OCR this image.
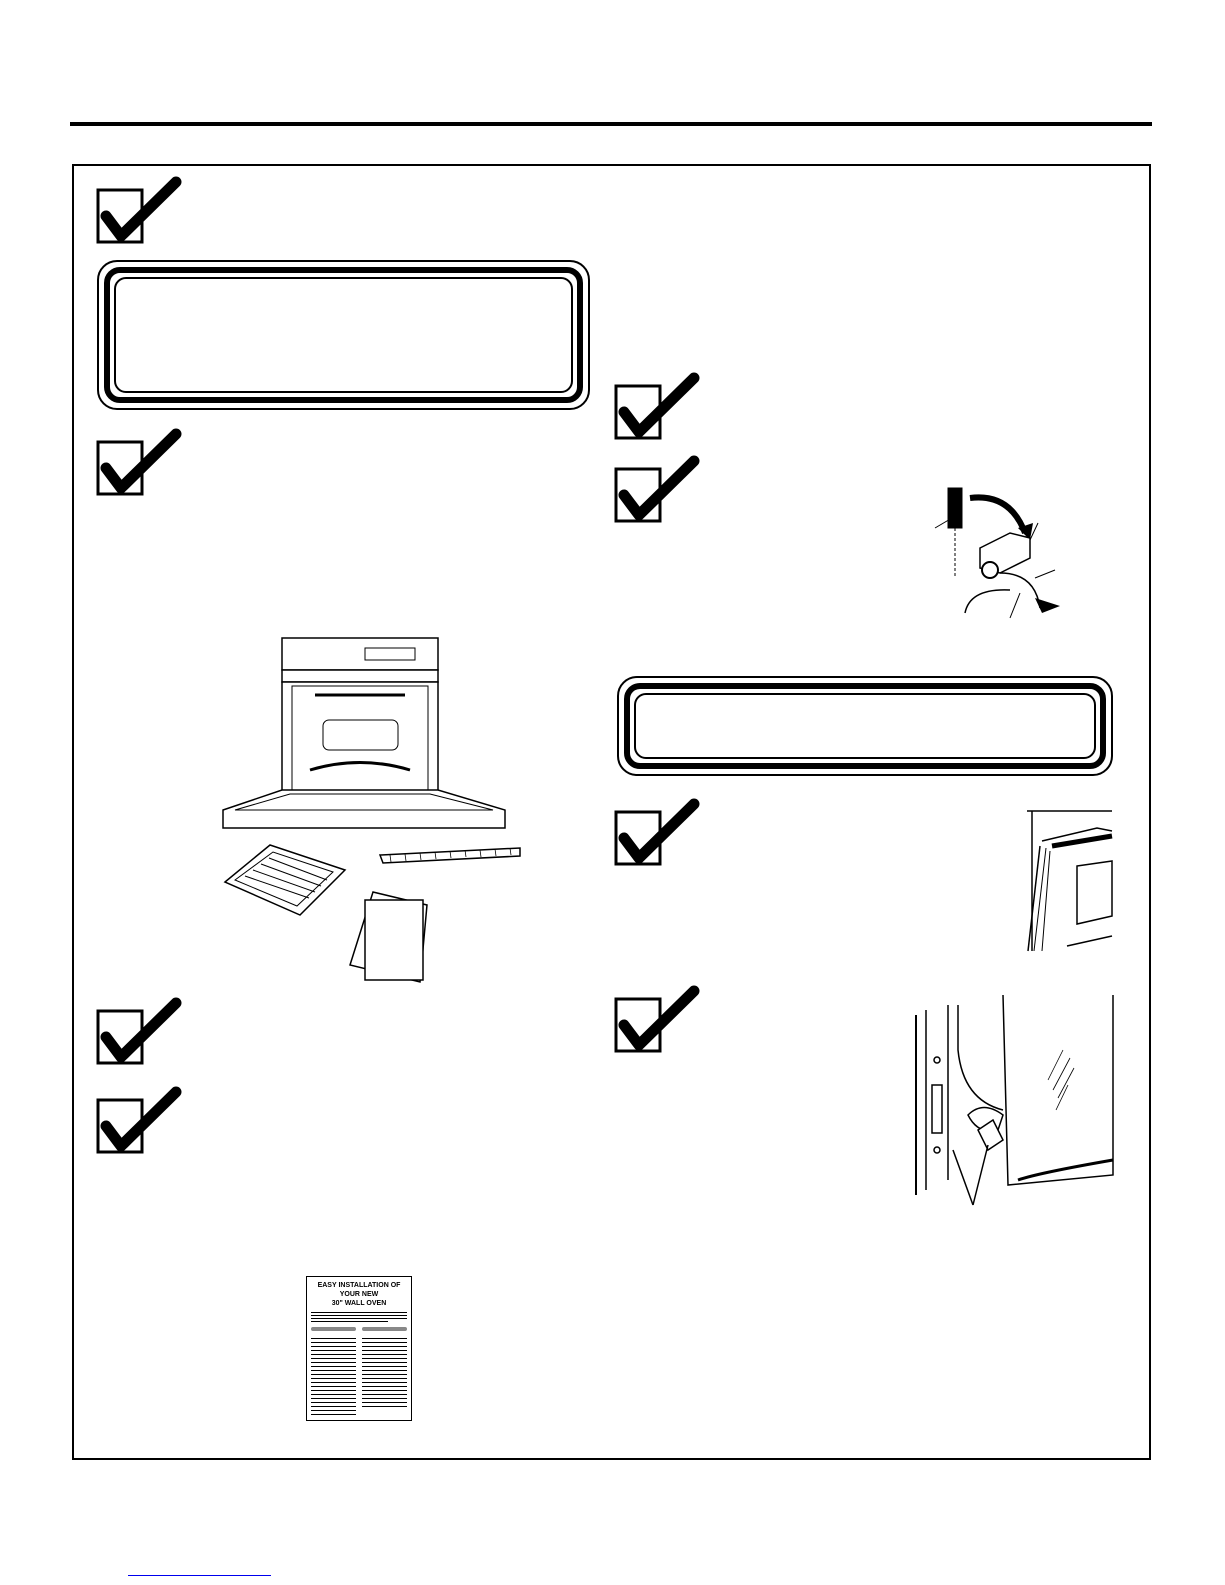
EASY INSTALLATION OF YOUR NEW
30" WALL OVEN
